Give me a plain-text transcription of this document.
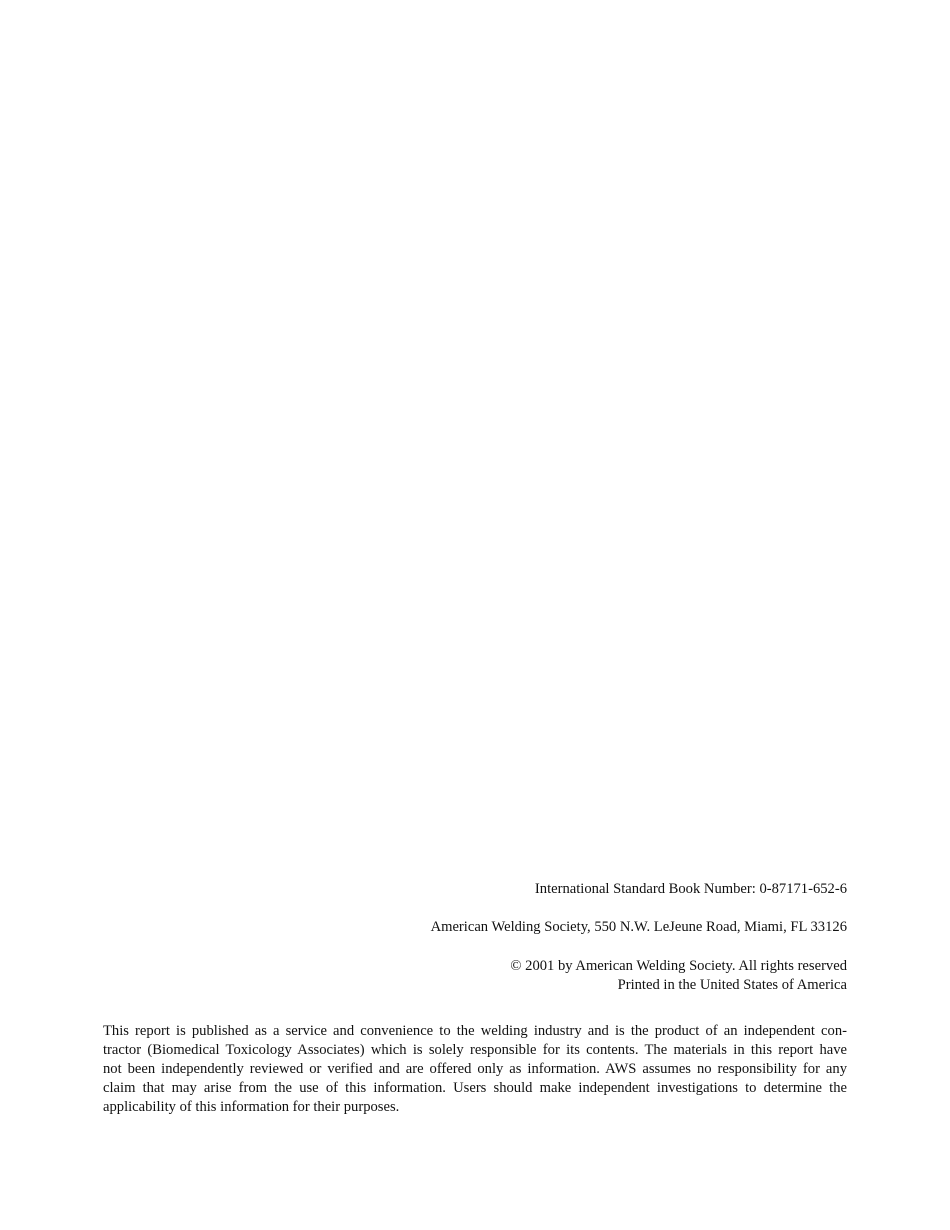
International Standard Book Number: 0-87171-652-6
American Welding Society, 550 N.W. LeJeune Road, Miami, FL 33126
© 2001 by American Welding Society. All rights reserved
Printed in the United States of America
This report is published as a service and convenience to the welding industry and is the product of an independent con-
tractor (Biomedical Toxicology Associates) which is solely responsible for its contents. The materials in this report have
not been independently reviewed or verified and are offered only as information. AWS assumes no responsibility for any
claim that may arise from the use of this information. Users should make independent investigations to determine the
applicability of this information for their purposes.
